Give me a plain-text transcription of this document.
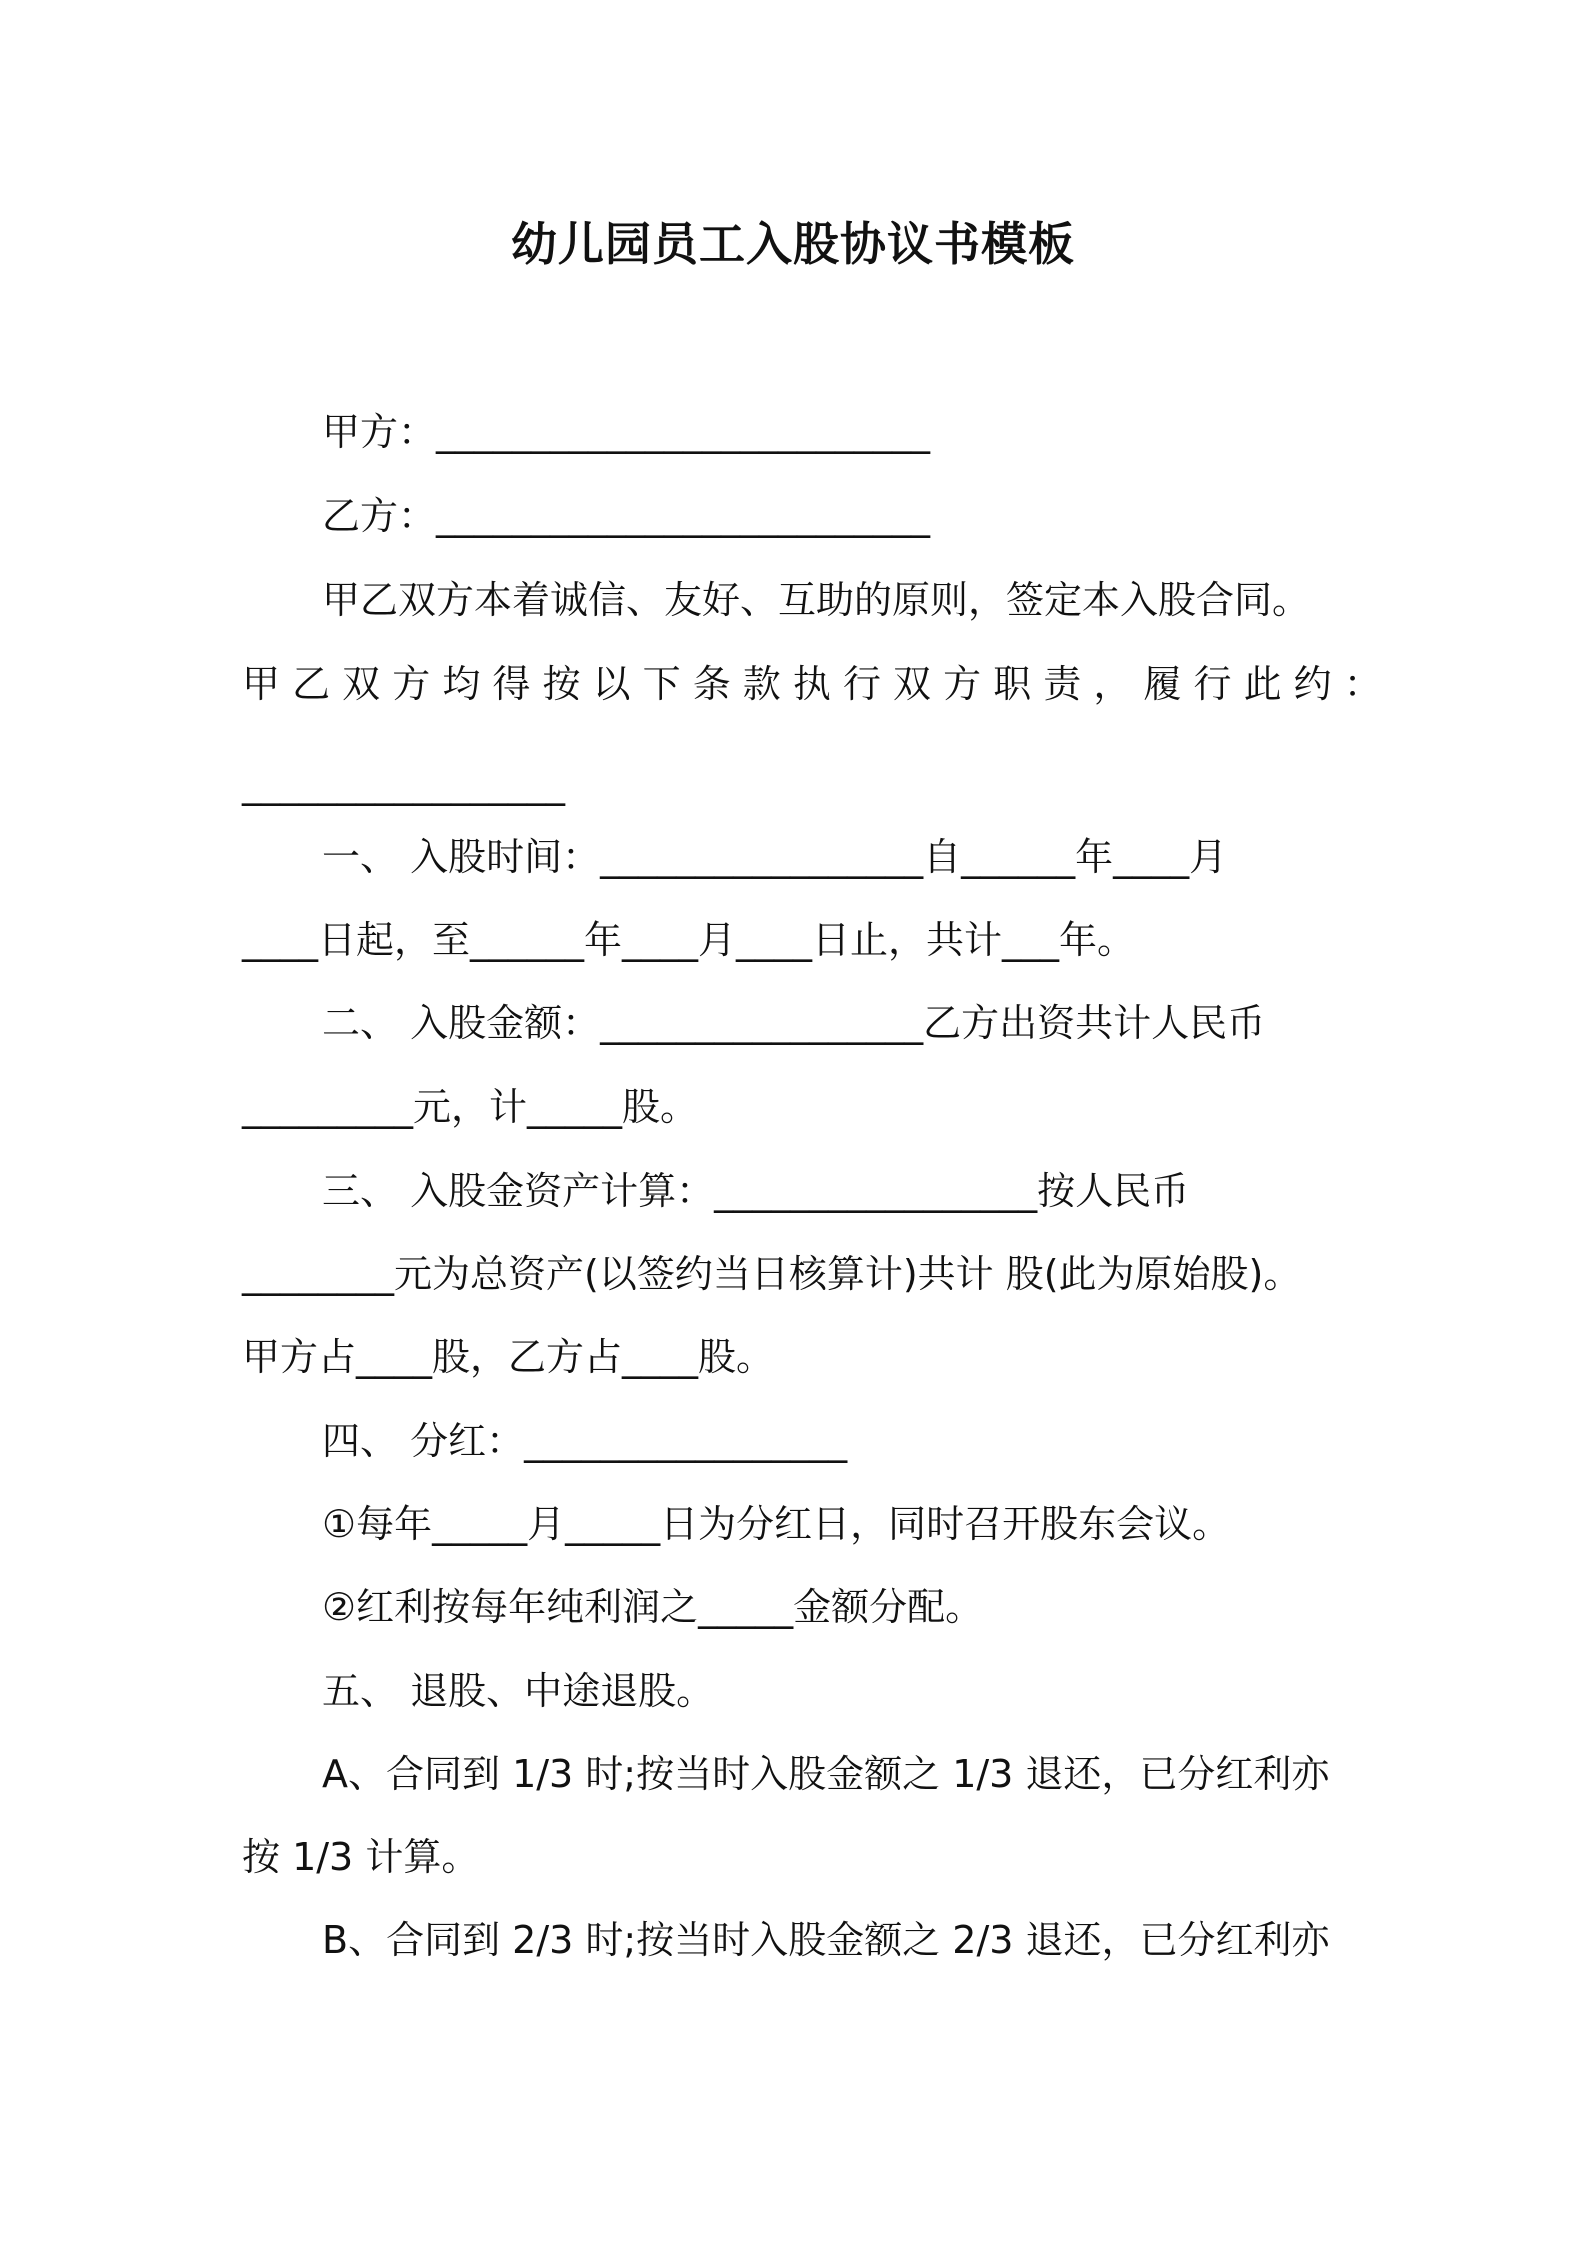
幼儿园员工入股协议书模板
甲方：__________________________
乙方：__________________________
甲乙双方本着诚信、友好、互助的原则，签定本入股合同。
甲 乙 双 方 均 得 按 以 下 条 款 执 行 双 方 职 责 ， 履 行 此 约 ：
_________________
一、 入股时间：_________________自______年____月
____日起，至______年____月____日止，共计___年。
二、 入股金额：_________________乙方出资共计人民币
_________元，计_____股。
三、 入股金资产计算：_________________按人民币
________元为总资产(以签约当日核算计)共计 股(此为原始股)。
甲方占____股，乙方占____股。
四、 分红：_________________
①每年_____月_____日为分红日，同时召开股东会议。
②红利按每年纯利润之_____金额分配。
五、 退股、中途退股。
A、合同到 1/3 时;按当时入股金额之 1/3 退还，已分红利亦
按 1/3 计算。
B、合同到 2/3 时;按当时入股金额之 2/3 退还，已分红利亦
